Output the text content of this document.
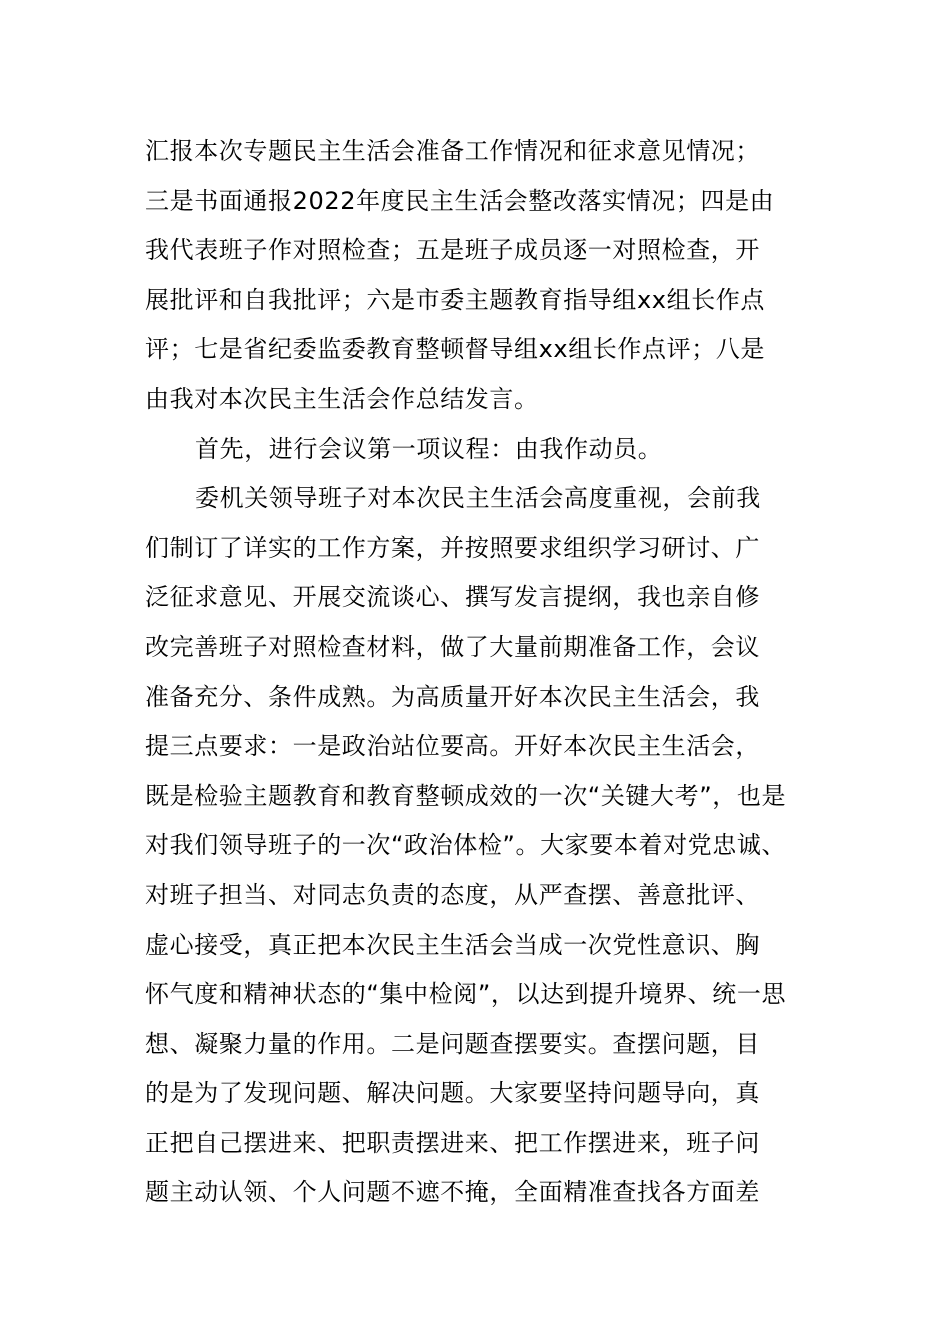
汇报本次专题民主生活会准备工作情况和征求意见情况；
三是书面通报2022年度民主生活会整改落实情况；四是由
我代表班子作对照检查；五是班子成员逐一对照检查，开
展批评和自我批评；六是市委主题教育指导组xx组长作点
评；七是省纪委监委教育整顿督导组xx组长作点评；八是
由我对本次民主生活会作总结发言。
首先，进行会议第一项议程：由我作动员。
委机关领导班子对本次民主生活会高度重视，会前我
们制订了详实的工作方案，并按照要求组织学习研讨、广
泛征求意见、开展交流谈心、撰写发言提纲，我也亲自修
改完善班子对照检查材料，做了大量前期准备工作，会议
准备充分、条件成熟。为高质量开好本次民主生活会，我
提三点要求：一是政治站位要高。开好本次民主生活会，
既是检验主题教育和教育整顿成效的一次“关键大考”，也是
对我们领导班子的一次“政治体检”。大家要本着对党忠诚、
对班子担当、对同志负责的态度，从严查摆、善意批评、
虚心接受，真正把本次民主生活会当成一次党性意识、胸
怀气度和精神状态的“集中检阅”，以达到提升境界、统一思
想、凝聚力量的作用。二是问题查摆要实。查摆问题，目
的是为了发现问题、解决问题。大家要坚持问题导向，真
正把自己摆进来、把职责摆进来、把工作摆进来，班子问
题主动认领、个人问题不遮不掩，全面精准查找各方面差
